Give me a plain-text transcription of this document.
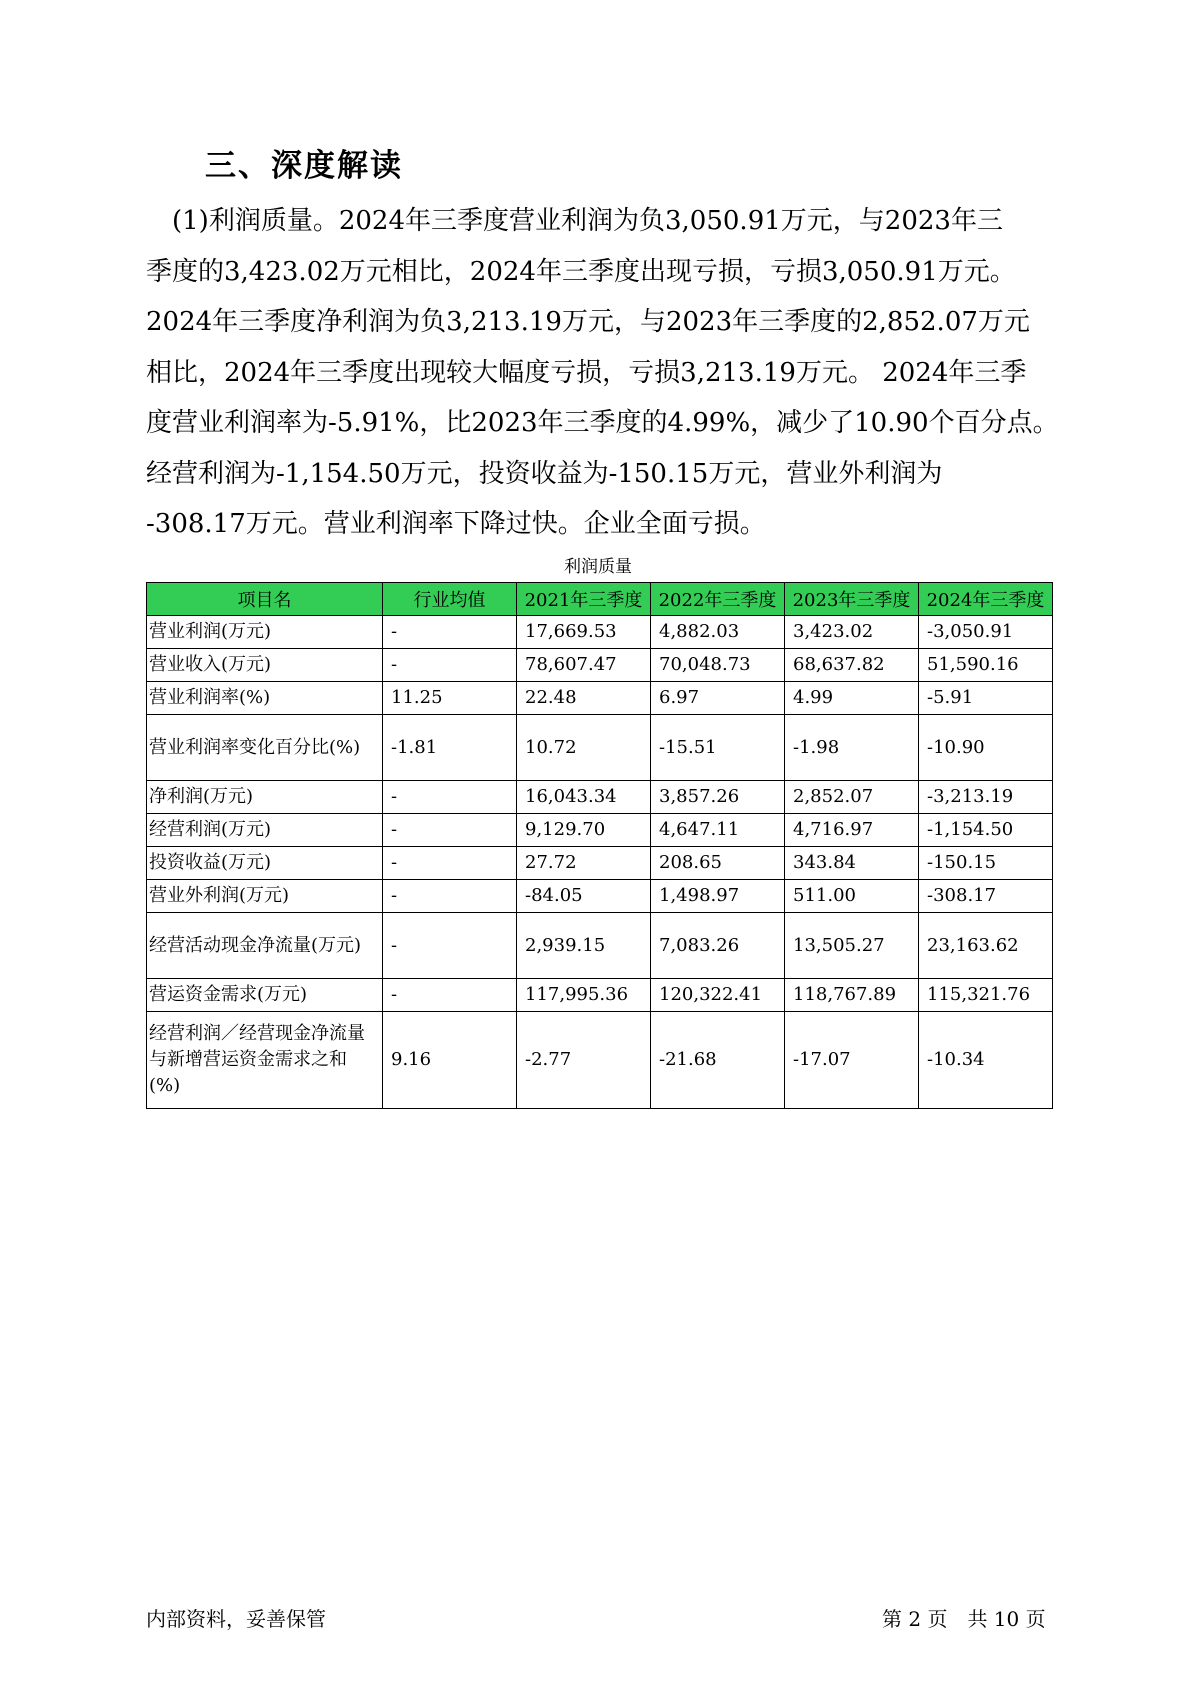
三、深度解读

　(1)利润质量。2024年三季度营业利润为负3,050.91万元，与2023年三
季度的3,423.02万元相比，2024年三季度出现亏损，亏损3,050.91万元。
2024年三季度净利润为负3,213.19万元，与2023年三季度的2,852.07万元
相比，2024年三季度出现较大幅度亏损，亏损3,213.19万元。 2024年三季
度营业利润率为-5.91%，比2023年三季度的4.99%，减少了10.90个百分点。
经营利润为-1,154.50万元，投资收益为-150.15万元，营业外利润为
-308.17万元。营业利润率下降过快。企业全面亏损。

利润质量
项目名	行业均值	2021年三季度	2022年三季度	2023年三季度	2024年三季度
营业利润(万元)	-	17,669.53	4,882.03	3,423.02	-3,050.91
营业收入(万元)	-	78,607.47	70,048.73	68,637.82	51,590.16
营业利润率(%)	11.25	22.48	6.97	4.99	-5.91
营业利润率变化百分比(%)	-1.81	10.72	-15.51	-1.98	-10.90
净利润(万元)	-	16,043.34	3,857.26	2,852.07	-3,213.19
经营利润(万元)	-	9,129.70	4,647.11	4,716.97	-1,154.50
投资收益(万元)	-	27.72	208.65	343.84	-150.15
营业外利润(万元)	-	-84.05	1,498.97	511.00	-308.17
经营活动现金净流量(万元)	-	2,939.15	7,083.26	13,505.27	23,163.62
营运资金需求(万元)	-	117,995.36	120,322.41	118,767.89	115,321.76
经营利润／经营现金净流量与新增营运资金需求之和(%)	9.16	-2.77	-21.68	-17.07	-10.34
内部资料，妥善保管	第 2 页　共 10 页
